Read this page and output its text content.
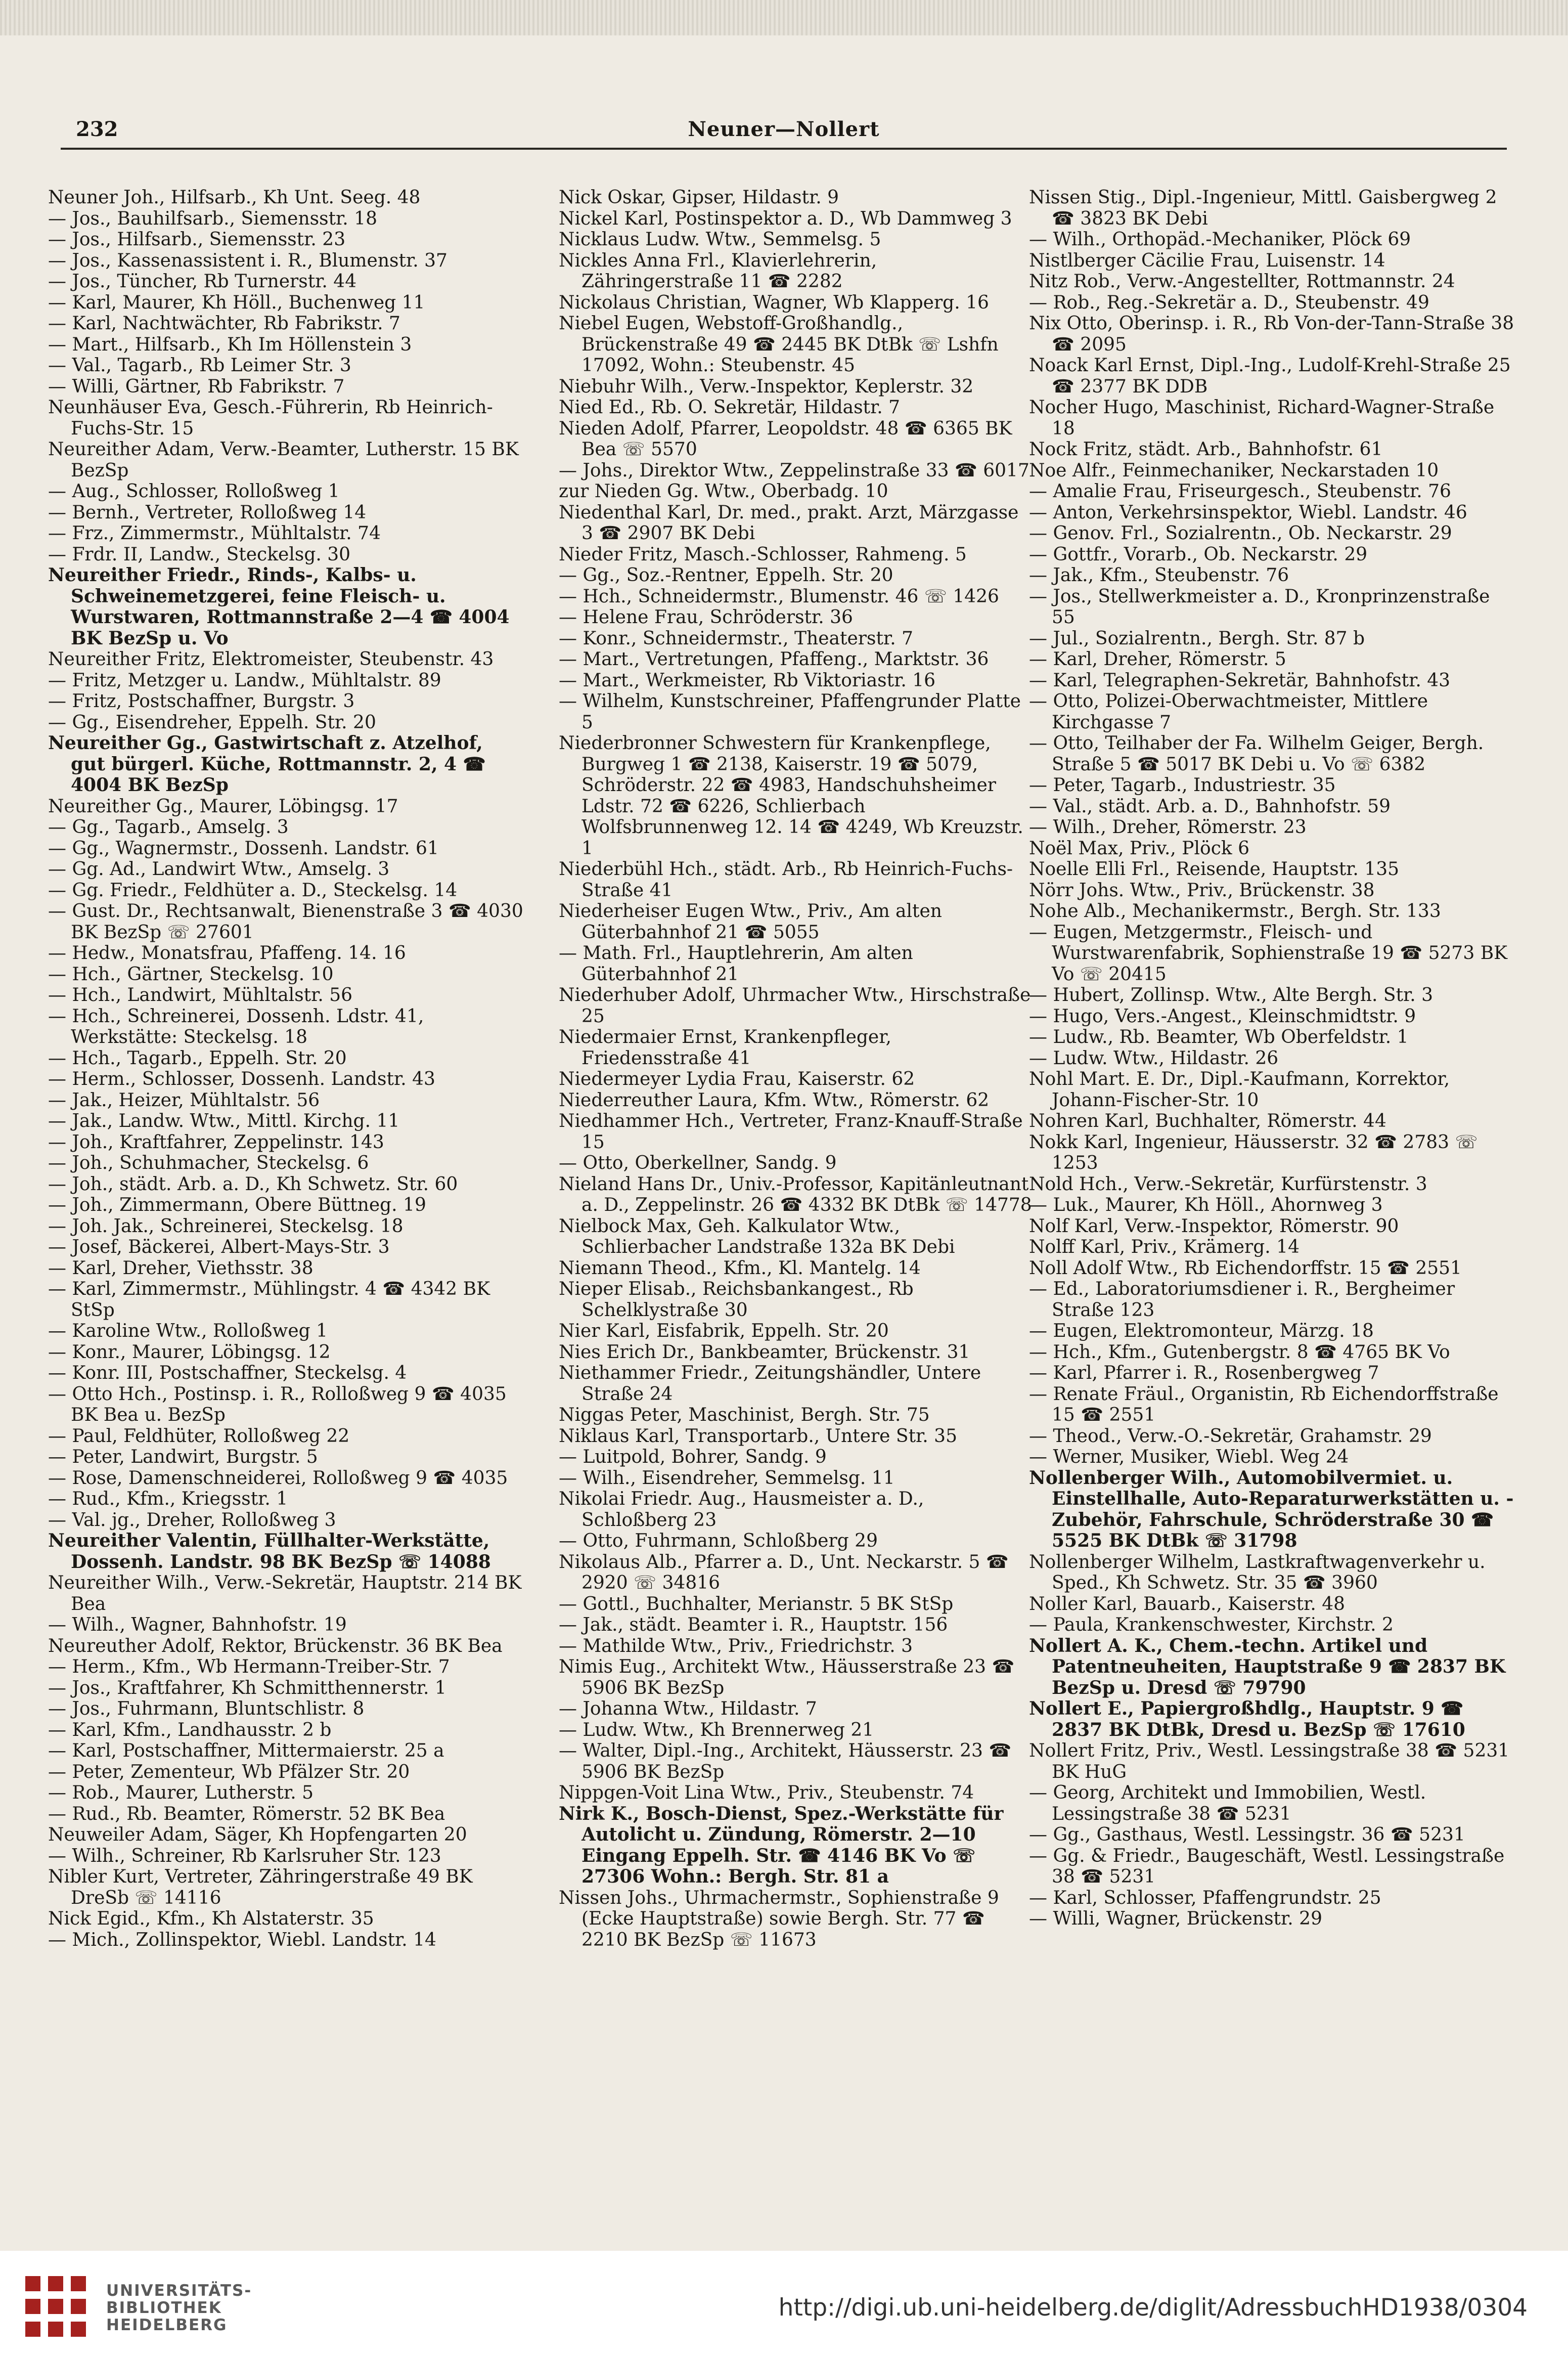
232	Neuner—Nollert

Neuner Joh., Hilfsarb., Kh Unt. Seeg. 48

— Jos., Bauhilfsarb., Siemensstr. 18

— Jos., Hilfsarb., Siemensstr. 23

— Jos., Kassenassistent i. R., Blumenstr. 37

— Jos., Tüncher, Rb Turnerstr. 44

— Karl, Maurer, Kh Höll., Buchenweg 11

— Karl, Nachtwächter, Rb Fabrikstr. 7

— Mart., Hilfsarb., Kh Im Höllenstein 3

— Val., Tagarb., Rb Leimer Str. 3

— Willi, Gärtner, Rb Fabrikstr. 7

Neunhäuser Eva, Gesch.-Führerin, Rb Heinrich-Fuchs-Str. 15

Neureither Adam, Verw.-Beamter, Lutherstr. 15 BK BezSp

— Aug., Schlosser, Rolloßweg 1

— Bernh., Vertreter, Rolloßweg 14

— Frz., Zimmermstr., Mühltalstr. 74

— Frdr. II, Landw., Steckelsg. 30

Neureither Friedr., Rinds-, Kalbs- u. Schweinemetzgerei, feine Fleisch- u. Wurstwaren, Rottmannstraße 2—4 ☎ 4004 BK BezSp u. Vo

Neureither Fritz, Elektromeister, Steubenstr. 43

— Fritz, Metzger u. Landw., Mühltalstr. 89

— Fritz, Postschaffner, Burgstr. 3

— Gg., Eisendreher, Eppelh. Str. 20

Neureither Gg., Gastwirtschaft z. Atzelhof, gut bürgerl. Küche, Rottmannstr. 2, 4 ☎ 4004 BK BezSp

Neureither Gg., Maurer, Löbingsg. 17

— Gg., Tagarb., Amselg. 3

— Gg., Wagnermstr., Dossenh. Landstr. 61

— Gg. Ad., Landwirt Wtw., Amselg. 3

— Gg. Friedr., Feldhüter a. D., Steckelsg. 14

— Gust. Dr., Rechtsanwalt, Bienenstraße 3 ☎ 4030 BK BezSp ☏ 27601

— Hedw., Monatsfrau, Pfaffeng. 14. 16

— Hch., Gärtner, Steckelsg. 10

— Hch., Landwirt, Mühltalstr. 56

— Hch., Schreinerei, Dossenh. Ldstr. 41, Werkstätte: Steckelsg. 18

— Hch., Tagarb., Eppelh. Str. 20

— Herm., Schlosser, Dossenh. Landstr. 43

— Jak., Heizer, Mühltalstr. 56

— Jak., Landw. Wtw., Mittl. Kirchg. 11

— Joh., Kraftfahrer, Zeppelinstr. 143

— Joh., Schuhmacher, Steckelsg. 6

— Joh., städt. Arb. a. D., Kh Schwetz. Str. 60

— Joh., Zimmermann, Obere Büttneg. 19

— Joh. Jak., Schreinerei, Steckelsg. 18

— Josef, Bäckerei, Albert-Mays-Str. 3

— Karl, Dreher, Viethsstr. 38

— Karl, Zimmermstr., Mühlingstr. 4 ☎ 4342 BK StSp

— Karoline Wtw., Rolloßweg 1

— Konr., Maurer, Löbingsg. 12

— Konr. III, Postschaffner, Steckelsg. 4

— Otto Hch., Postinsp. i. R., Rolloßweg 9 ☎ 4035 BK Bea u. BezSp

— Paul, Feldhüter, Rolloßweg 22

— Peter, Landwirt, Burgstr. 5

— Rose, Damenschneiderei, Rolloßweg 9 ☎ 4035

— Rud., Kfm., Kriegsstr. 1

— Val. jg., Dreher, Rolloßweg 3

Neureither Valentin, Füllhalter-Werkstätte, Dossenh. Landstr. 98 BK BezSp ☏ 14088

Neureither Wilh., Verw.-Sekretär, Hauptstr. 214 BK Bea

— Wilh., Wagner, Bahnhofstr. 19

Neureuther Adolf, Rektor, Brückenstr. 36 BK Bea

— Herm., Kfm., Wb Hermann-Treiber-Str. 7

— Jos., Kraftfahrer, Kh Schmitthennerstr. 1

— Jos., Fuhrmann, Bluntschlistr. 8

— Karl, Kfm., Landhausstr. 2 b

— Karl, Postschaffner, Mittermaierstr. 25 a

— Peter, Zementeur, Wb Pfälzer Str. 20

— Rob., Maurer, Lutherstr. 5

— Rud., Rb. Beamter, Römerstr. 52 BK Bea

Neuweiler Adam, Säger, Kh Hopfengarten 20

— Wilh., Schreiner, Rb Karlsruher Str. 123

Nibler Kurt, Vertreter, Zähringerstraße 49 BK DreSb ☏ 14116

Nick Egid., Kfm., Kh Alstaterstr. 35

— Mich., Zollinspektor, Wiebl. Landstr. 14

Nick Oskar, Gipser, Hildastr. 9

Nickel Karl, Postinspektor a. D., Wb Dammweg 3

Nicklaus Ludw. Wtw., Semmelsg. 5

Nickles Anna Frl., Klavierlehrerin, Zähringerstraße 11 ☎ 2282

Nickolaus Christian, Wagner, Wb Klapperg. 16

Niebel Eugen, Webstoff-Großhandlg., Brückenstraße 49 ☎ 2445 BK DtBk ☏ Lshfn 17092, Wohn.: Steubenstr. 45

Niebuhr Wilh., Verw.-Inspektor, Keplerstr. 32

Nied Ed., Rb. O. Sekretär, Hildastr. 7

Nieden Adolf, Pfarrer, Leopoldstr. 48 ☎ 6365 BK Bea ☏ 5570

— Johs., Direktor Wtw., Zeppelinstraße 33 ☎ 6017

zur Nieden Gg. Wtw., Oberbadg. 10

Niedenthal Karl, Dr. med., prakt. Arzt, Märzgasse 3 ☎ 2907 BK Debi

Nieder Fritz, Masch.-Schlosser, Rahmeng. 5

— Gg., Soz.-Rentner, Eppelh. Str. 20

— Hch., Schneidermstr., Blumenstr. 46 ☏ 1426

— Helene Frau, Schröderstr. 36

— Konr., Schneidermstr., Theaterstr. 7

— Mart., Vertretungen, Pfaffeng., Marktstr. 36

— Mart., Werkmeister, Rb Viktoriastr. 16

— Wilhelm, Kunstschreiner, Pfaffengrunder Platte 5

Niederbronner Schwestern für Krankenpflege, Burgweg 1 ☎ 2138, Kaiserstr. 19 ☎ 5079, Schröderstr. 22 ☎ 4983, Handschuhsheimer Ldstr. 72 ☎ 6226, Schlierbach Wolfsbrunnenweg 12. 14 ☎ 4249, Wb Kreuzstr. 1

Niederbühl Hch., städt. Arb., Rb Heinrich-Fuchs-Straße 41

Niederheiser Eugen Wtw., Priv., Am alten Güterbahnhof 21 ☎ 5055

— Math. Frl., Hauptlehrerin, Am alten Güterbahnhof 21

Niederhuber Adolf, Uhrmacher Wtw., Hirschstraße 25

Niedermaier Ernst, Krankenpfleger, Friedensstraße 41

Niedermeyer Lydia Frau, Kaiserstr. 62

Niederreuther Laura, Kfm. Wtw., Römerstr. 62

Niedhammer Hch., Vertreter, Franz-Knauff-Straße 15

— Otto, Oberkellner, Sandg. 9

Nieland Hans Dr., Univ.-Professor, Kapitänleutnant a. D., Zeppelinstr. 26 ☎ 4332 BK DtBk ☏ 14778

Nielbock Max, Geh. Kalkulator Wtw., Schlierbacher Landstraße 132a BK Debi

Niemann Theod., Kfm., Kl. Mantelg. 14

Nieper Elisab., Reichsbankangest., Rb Schelklystraße 30

Nier Karl, Eisfabrik, Eppelh. Str. 20

Nies Erich Dr., Bankbeamter, Brückenstr. 31

Niethammer Friedr., Zeitungshändler, Untere Straße 24

Niggas Peter, Maschinist, Bergh. Str. 75

Niklaus Karl, Transportarb., Untere Str. 35

— Luitpold, Bohrer, Sandg. 9

— Wilh., Eisendreher, Semmelsg. 11

Nikolai Friedr. Aug., Hausmeister a. D., Schloßberg 23

— Otto, Fuhrmann, Schloßberg 29

Nikolaus Alb., Pfarrer a. D., Unt. Neckarstr. 5 ☎ 2920 ☏ 34816

— Gottl., Buchhalter, Merianstr. 5 BK StSp

— Jak., städt. Beamter i. R., Hauptstr. 156

— Mathilde Wtw., Priv., Friedrichstr. 3

Nimis Eug., Architekt Wtw., Häusserstraße 23 ☎ 5906 BK BezSp

— Johanna Wtw., Hildastr. 7

— Ludw. Wtw., Kh Brennerweg 21

— Walter, Dipl.-Ing., Architekt, Häusserstr. 23 ☎ 5906 BK BezSp

Nippgen-Voit Lina Wtw., Priv., Steubenstr. 74

Nirk K., Bosch-Dienst, Spez.-Werkstätte für Autolicht u. Zündung, Römerstr. 2—10 Eingang Eppelh. Str. ☎ 4146 BK Vo ☏ 27306 Wohn.: Bergh. Str. 81 a

Nissen Johs., Uhrmachermstr., Sophienstraße 9 (Ecke Hauptstraße) sowie Bergh. Str. 77 ☎ 2210 BK BezSp ☏ 11673

Nissen Stig., Dipl.-Ingenieur, Mittl. Gaisbergweg 2 ☎ 3823 BK Debi

— Wilh., Orthopäd.-Mechaniker, Plöck 69

Nistlberger Cäcilie Frau, Luisenstr. 14

Nitz Rob., Verw.-Angestellter, Rottmannstr. 24

— Rob., Reg.-Sekretär a. D., Steubenstr. 49

Nix Otto, Oberinsp. i. R., Rb Von-der-Tann-Straße 38 ☎ 2095

Noack Karl Ernst, Dipl.-Ing., Ludolf-Krehl-Straße 25 ☎ 2377 BK DDB

Nocher Hugo, Maschinist, Richard-Wagner-Straße 18

Nock Fritz, städt. Arb., Bahnhofstr. 61

Noe Alfr., Feinmechaniker, Neckarstaden 10

— Amalie Frau, Friseurgesch., Steubenstr. 76

— Anton, Verkehrsinspektor, Wiebl. Landstr. 46

— Genov. Frl., Sozialrentn., Ob. Neckarstr. 29

— Gottfr., Vorarb., Ob. Neckarstr. 29

— Jak., Kfm., Steubenstr. 76

— Jos., Stellwerkmeister a. D., Kronprinzenstraße 55

— Jul., Sozialrentn., Bergh. Str. 87 b

— Karl, Dreher, Römerstr. 5

— Karl, Telegraphen-Sekretär, Bahnhofstr. 43

— Otto, Polizei-Oberwachtmeister, Mittlere Kirchgasse 7

— Otto, Teilhaber der Fa. Wilhelm Geiger, Bergh. Straße 5 ☎ 5017 BK Debi u. Vo ☏ 6382

— Peter, Tagarb., Industriestr. 35

— Val., städt. Arb. a. D., Bahnhofstr. 59

— Wilh., Dreher, Römerstr. 23

Noël Max, Priv., Plöck 6

Noelle Elli Frl., Reisende, Hauptstr. 135

Nörr Johs. Wtw., Priv., Brückenstr. 38

Nohe Alb., Mechanikermstr., Bergh. Str. 133

— Eugen, Metzgermstr., Fleisch- und Wurstwarenfabrik, Sophienstraße 19 ☎ 5273 BK Vo ☏ 20415

— Hubert, Zollinsp. Wtw., Alte Bergh. Str. 3

— Hugo, Vers.-Angest., Kleinschmidtstr. 9

— Ludw., Rb. Beamter, Wb Oberfeldstr. 1

— Ludw. Wtw., Hildastr. 26

Nohl Mart. E. Dr., Dipl.-Kaufmann, Korrektor, Johann-Fischer-Str. 10

Nohren Karl, Buchhalter, Römerstr. 44

Nokk Karl, Ingenieur, Häusserstr. 32 ☎ 2783 ☏ 1253

Nold Hch., Verw.-Sekretär, Kurfürstenstr. 3

— Luk., Maurer, Kh Höll., Ahornweg 3

Nolf Karl, Verw.-Inspektor, Römerstr. 90

Nolff Karl, Priv., Krämerg. 14

Noll Adolf Wtw., Rb Eichendorffstr. 15 ☎ 2551

— Ed., Laboratoriumsdiener i. R., Bergheimer Straße 123

— Eugen, Elektromonteur, Märzg. 18

— Hch., Kfm., Gutenbergstr. 8 ☎ 4765 BK Vo

— Karl, Pfarrer i. R., Rosenbergweg 7

— Renate Fräul., Organistin, Rb Eichendorffstraße 15 ☎ 2551

— Theod., Verw.-O.-Sekretär, Grahamstr. 29

— Werner, Musiker, Wiebl. Weg 24

Nollenberger Wilh., Automobilvermiet. u. Einstellhalle, Auto-Reparaturwerkstätten u. -Zubehör, Fahrschule, Schröderstraße 30 ☎ 5525 BK DtBk ☏ 31798

Nollenberger Wilhelm, Lastkraftwagenverkehr u. Sped., Kh Schwetz. Str. 35 ☎ 3960

Noller Karl, Bauarb., Kaiserstr. 48

— Paula, Krankenschwester, Kirchstr. 2

Nollert A. K., Chem.-techn. Artikel und Patentneuheiten, Hauptstraße 9 ☎ 2837 BK BezSp u. Dresd ☏ 79790

Nollert E., Papiergroßhdlg., Hauptstr. 9 ☎ 2837 BK DtBk, Dresd u. BezSp ☏ 17610

Nollert Fritz, Priv., Westl. Lessingstraße 38 ☎ 5231 BK HuG

— Georg, Architekt und Immobilien, Westl. Lessingstraße 38 ☎ 5231

— Gg., Gasthaus, Westl. Lessingstr. 36 ☎ 5231

— Gg. & Friedr., Baugeschäft, Westl. Lessingstraße 38 ☎ 5231

— Karl, Schlosser, Pfaffengrundstr. 25

— Willi, Wagner, Brückenstr. 29

UNIVERSITÄTS-
BIBLIOTHEK
HEIDELBERG
http://digi.ub.uni-heidelberg.de/diglit/AdressbuchHD1938/0304
